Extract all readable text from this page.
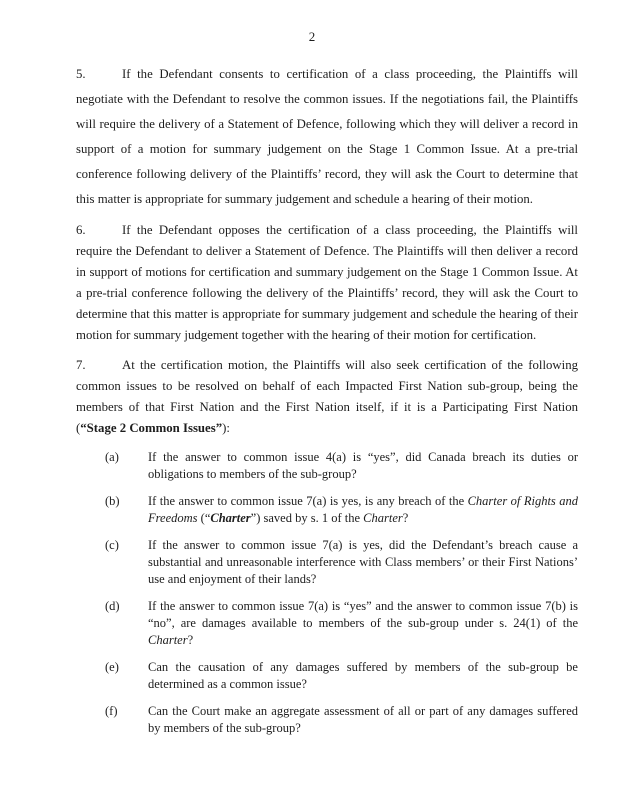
2

5.	If the Defendant consents to certification of a class proceeding, the Plaintiffs will negotiate with the Defendant to resolve the common issues. If the negotiations fail, the Plaintiffs will require the delivery of a Statement of Defence, following which they will deliver a record in support of a motion for summary judgement on the Stage 1 Common Issue. At a pre-trial conference following delivery of the Plaintiffs’ record, they will ask the Court to determine that this matter is appropriate for summary judgement and schedule a hearing of their motion.

6.	If the Defendant opposes the certification of a class proceeding, the Plaintiffs will require the Defendant to deliver a Statement of Defence. The Plaintiffs will then deliver a record in support of motions for certification and summary judgement on the Stage 1 Common Issue. At a pre-trial conference following the delivery of the Plaintiffs’ record, they will ask the Court to determine that this matter is appropriate for summary judgement and schedule the hearing of their motion for summary judgement together with the hearing of their motion for certification.

7.	At the certification motion, the Plaintiffs will also seek certification of the following common issues to be resolved on behalf of each Impacted First Nation sub-group, being the members of that First Nation and the First Nation itself, if it is a Participating First Nation (“Stage 2 Common Issues”):

(a) If the answer to common issue 4(a) is “yes”, did Canada breach its duties or obligations to members of the sub-group?
(b) If the answer to common issue 7(a) is yes, is any breach of the Charter of Rights and Freedoms (“Charter”) saved by s. 1 of the Charter?
(c) If the answer to common issue 7(a) is yes, did the Defendant’s breach cause a substantial and unreasonable interference with Class members’ or their First Nations’ use and enjoyment of their lands?
(d) If the answer to common issue 7(a) is “yes” and the answer to common issue 7(b) is “no”, are damages available to members of the sub-group under s. 24(1) of the Charter?
(e) Can the causation of any damages suffered by members of the sub-group be determined as a common issue?
(f) Can the Court make an aggregate assessment of all or part of any damages suffered by members of the sub-group?
